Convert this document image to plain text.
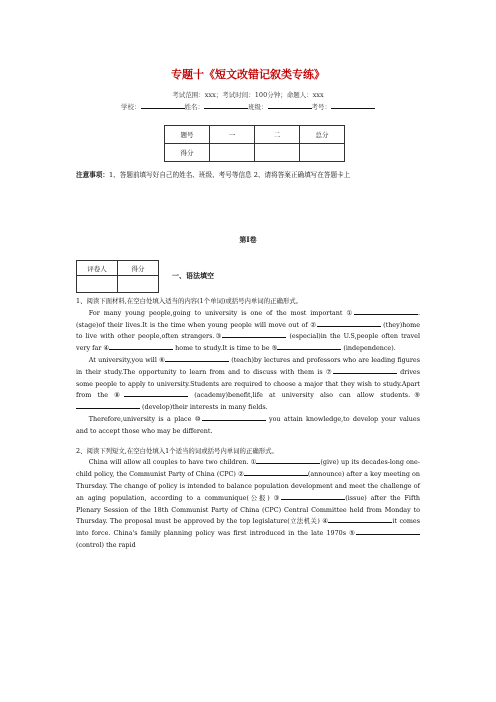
专题十《短文改错记叙类专练》
考试范围：xxx；考试时间：100分钟；命题人：xxx
学校：	姓名：	班级：	考号：
题号	一	二	总分
得分			
注意事项：1、答题前填写好自己的姓名、班级、考号等信息 2、请将答案正确填写在答题卡上
第I卷
评卷人	得分

一、语法填空

1、阅读下面材料,在空白处填入适当的内容(1个单词)或括号内单词的正确形式。

For many young people,going to university is one of the most important ①	. (stage)of their lives.It is the time when young people will move out of ②	(they)home to live with other people,often strangers.③	(especial)in the U.S,people often travel very far ④	home to study.It is time to be ⑤	(independence).

At university,you will ⑥	(teach)by lectures and professors who are leading figures in their study.The opportunity to learn from and to discuss with them is ⑦	drives some people to apply to university.Students are required to choose a major that they wish to study.Apart from the ⑧	(academy)benefit,life at university also can allow students.⑨ (develop)their interests in many fields.

Therefore,university is a place ⑩	you attain knowledge,to develop your values and to accept those who may be different.

2、阅读下列短文,在空白处填入1个适当的词或括号内单词的正确形式。

China will allow all couples to have two children. ①	(give) up its decades-long one-child policy, the Communist Party of China (CPC) ②	(announce) after a key meeting on Thursday. The change of policy is intended to balance population development and meet the challenge of an aging population, according to a communique(公报) ③	(issue) after the Fifth Plenary Session of the 18th Communist Party of China (CPC) Central Committee held from Monday to Thursday. The proposal must be approved by the top legislature(立法机关) ④	it comes into force. China's family planning policy was first introduced in the late 1970s ⑤(control) the rapid
